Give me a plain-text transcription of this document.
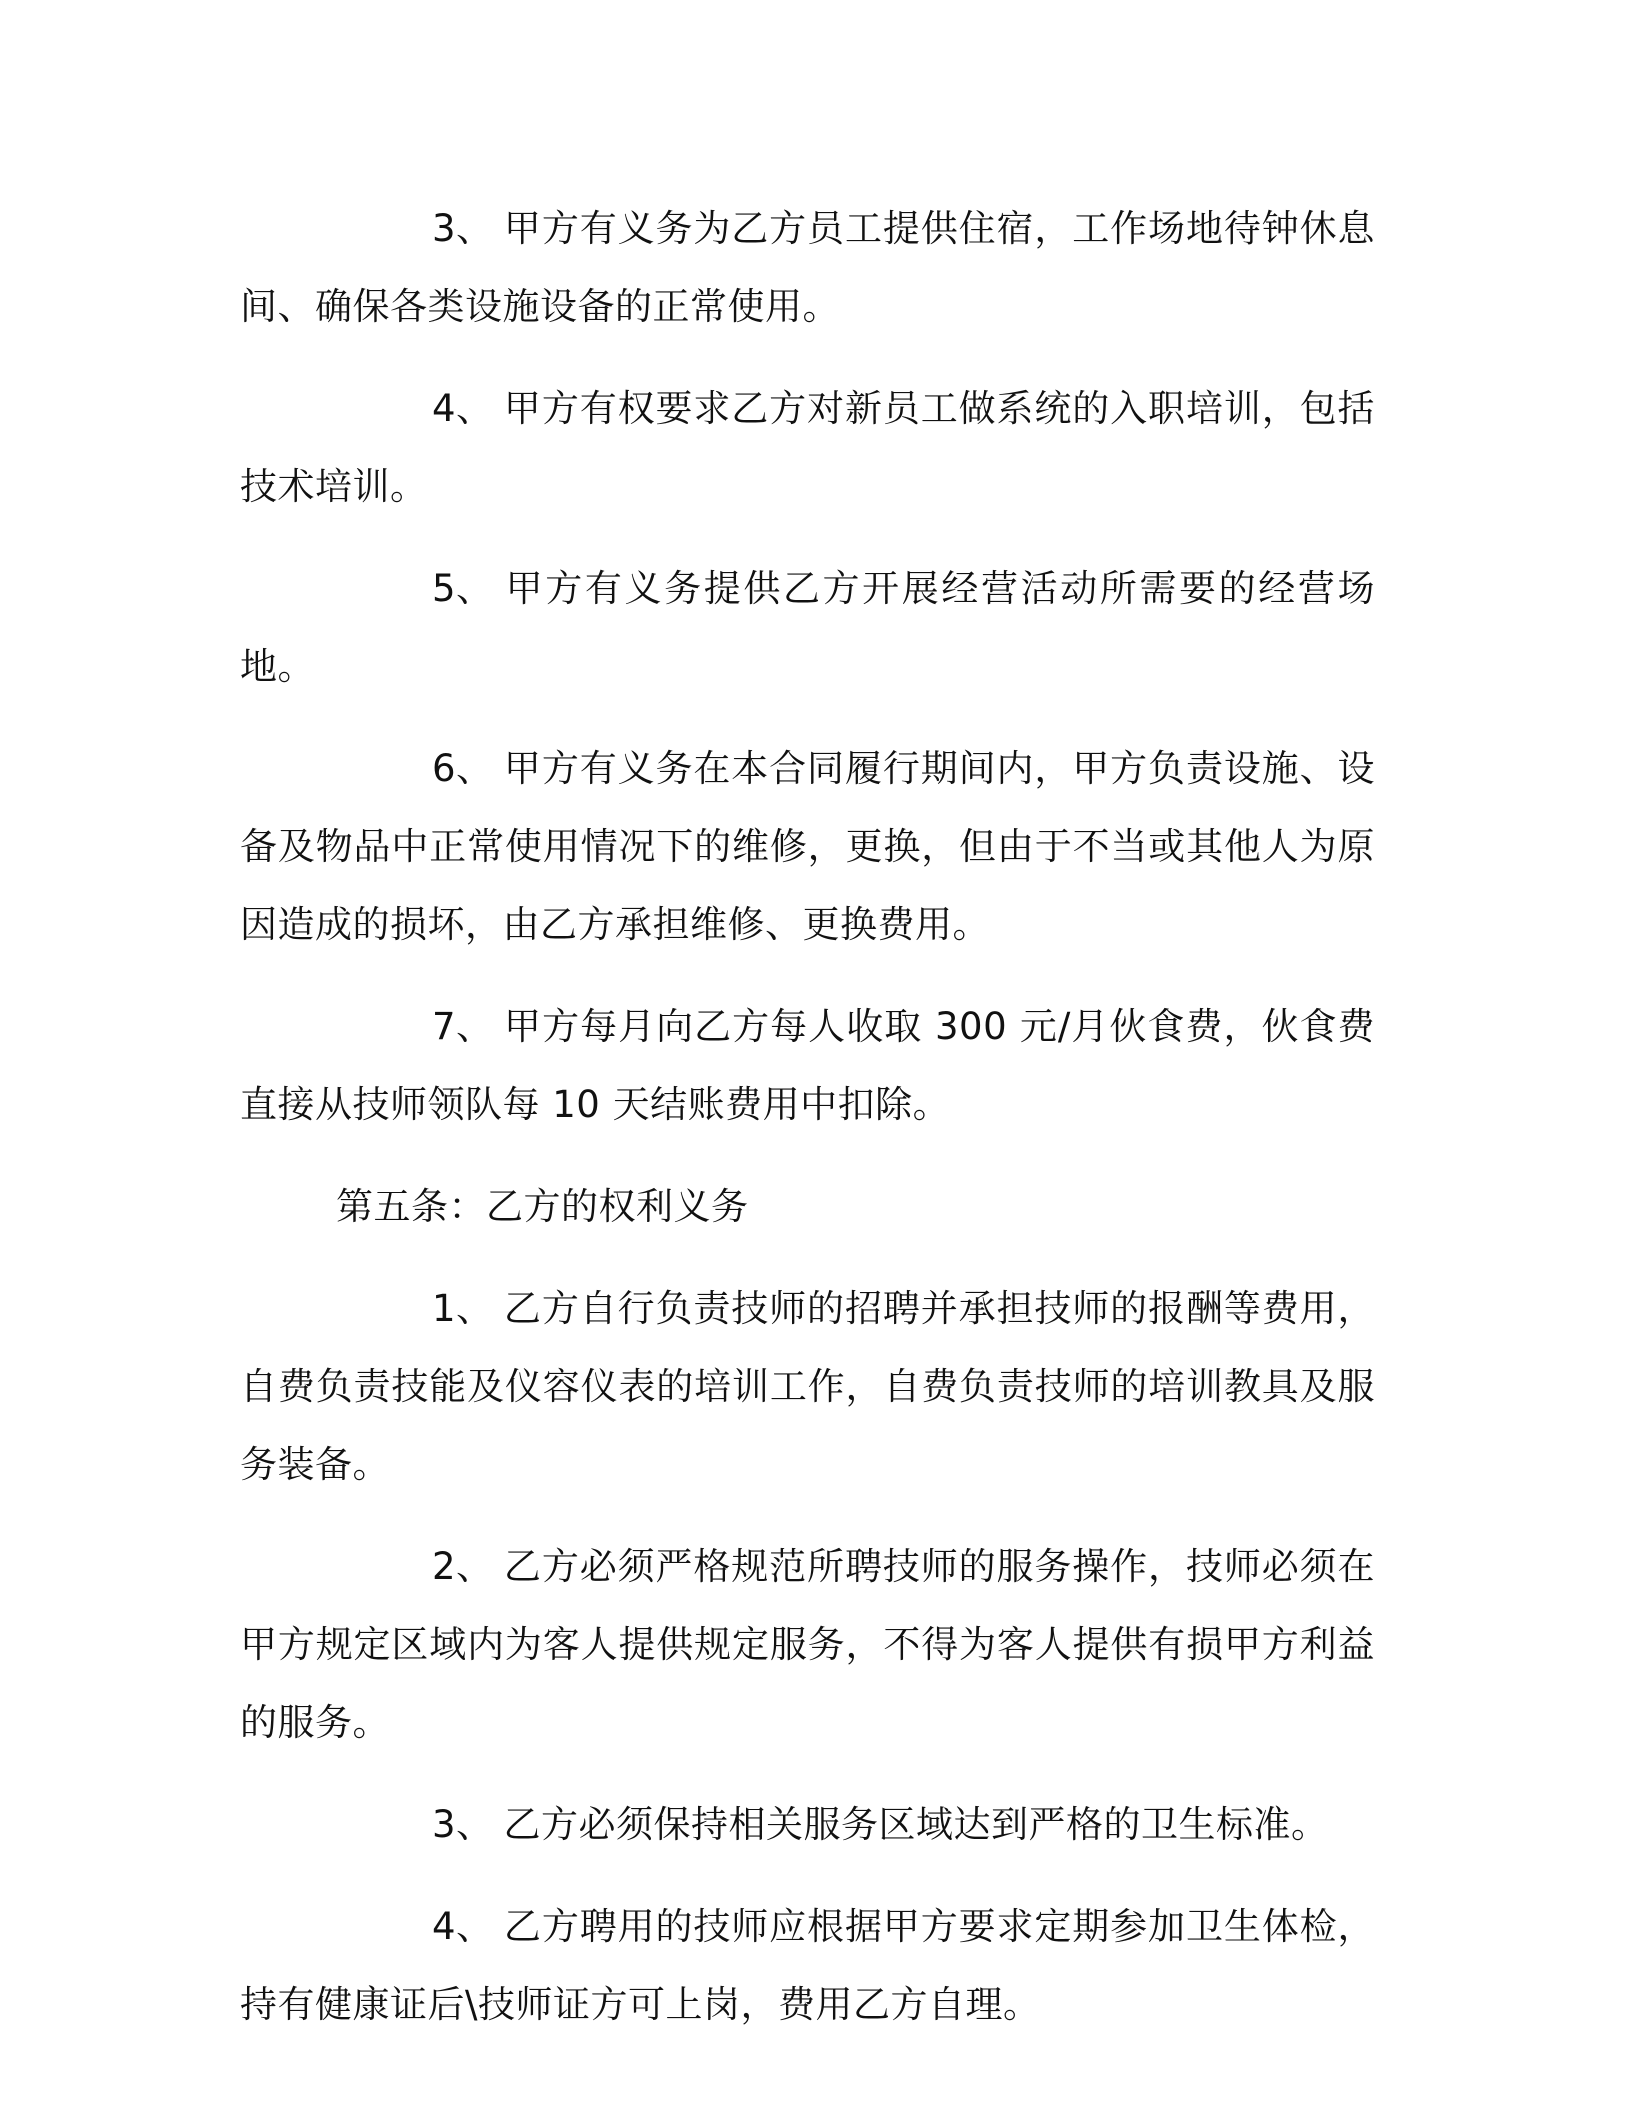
3、 甲方有义务为乙方员工提供住宿，工作场地待钟休息间、确保各类设施设备的正常使用。

4、 甲方有权要求乙方对新员工做系统的入职培训，包括技术培训。

5、 甲方有义务提供乙方开展经营活动所需要的经营场地。

6、 甲方有义务在本合同履行期间内，甲方负责设施、设备及物品中正常使用情况下的维修，更换，但由于不当或其他人为原因造成的损坏，由乙方承担维修、更换费用。

7、 甲方每月向乙方每人收取 300 元/月伙食费，伙食费直接从技师领队每 10 天结账费用中扣除。

第五条：乙方的权利义务

1、 乙方自行负责技师的招聘并承担技师的报酬等费用，自费负责技能及仪容仪表的培训工作，自费负责技师的培训教具及服务装备。

2、 乙方必须严格规范所聘技师的服务操作，技师必须在甲方规定区域内为客人提供规定服务，不得为客人提供有损甲方利益的服务。

3、 乙方必须保持相关服务区域达到严格的卫生标准。

4、 乙方聘用的技师应根据甲方要求定期参加卫生体检，持有健康证后\技师证方可上岗，费用乙方自理。
